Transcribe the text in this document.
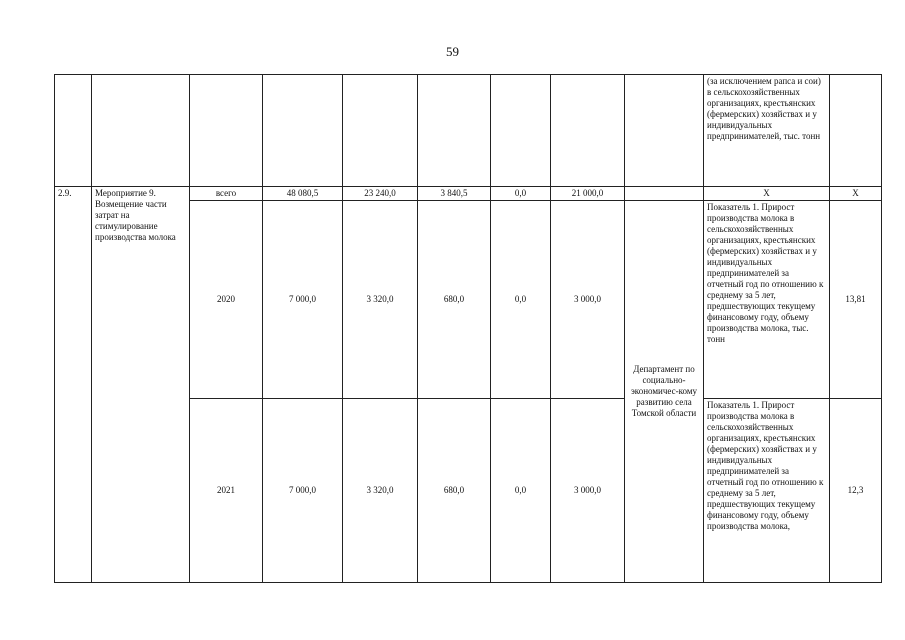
59
									(за исключением рапса и сои) в сельскохозяйственных организациях, крестьянских (фермерских) хозяйствах и у индивидуальных предпринимателей, тыс. тонн	
2.9.	Мероприятие 9. Возмещение части затрат на стимулирование производства молока	всего	48 080,5	23 240,0	3 840,5	0,0	21 000,0		X	X
		2020	7 000,0	3 320,0	680,0	0,0	3 000,0	Департамент по социально-экономичес-кому развитию села Томской области	Показатель 1. Прирост производства молока в сельскохозяйственных организациях, крестьянских (фермерских) хозяйствах и у индивидуальных предпринимателей за отчетный год по отношению к среднему за 5 лет, предшествующих текущему финансовому году, объему производства молока, тыс. тонн	13,81
		2021	7 000,0	3 320,0	680,0	0,0	3 000,0		Показатель 1. Прирост производства молока в сельскохозяйственных организациях, крестьянских (фермерских) хозяйствах и у индивидуальных предпринимателей за отчетный год по отношению к среднему за 5 лет, предшествующих текущему финансовому году, объему производства молока,	12,3
